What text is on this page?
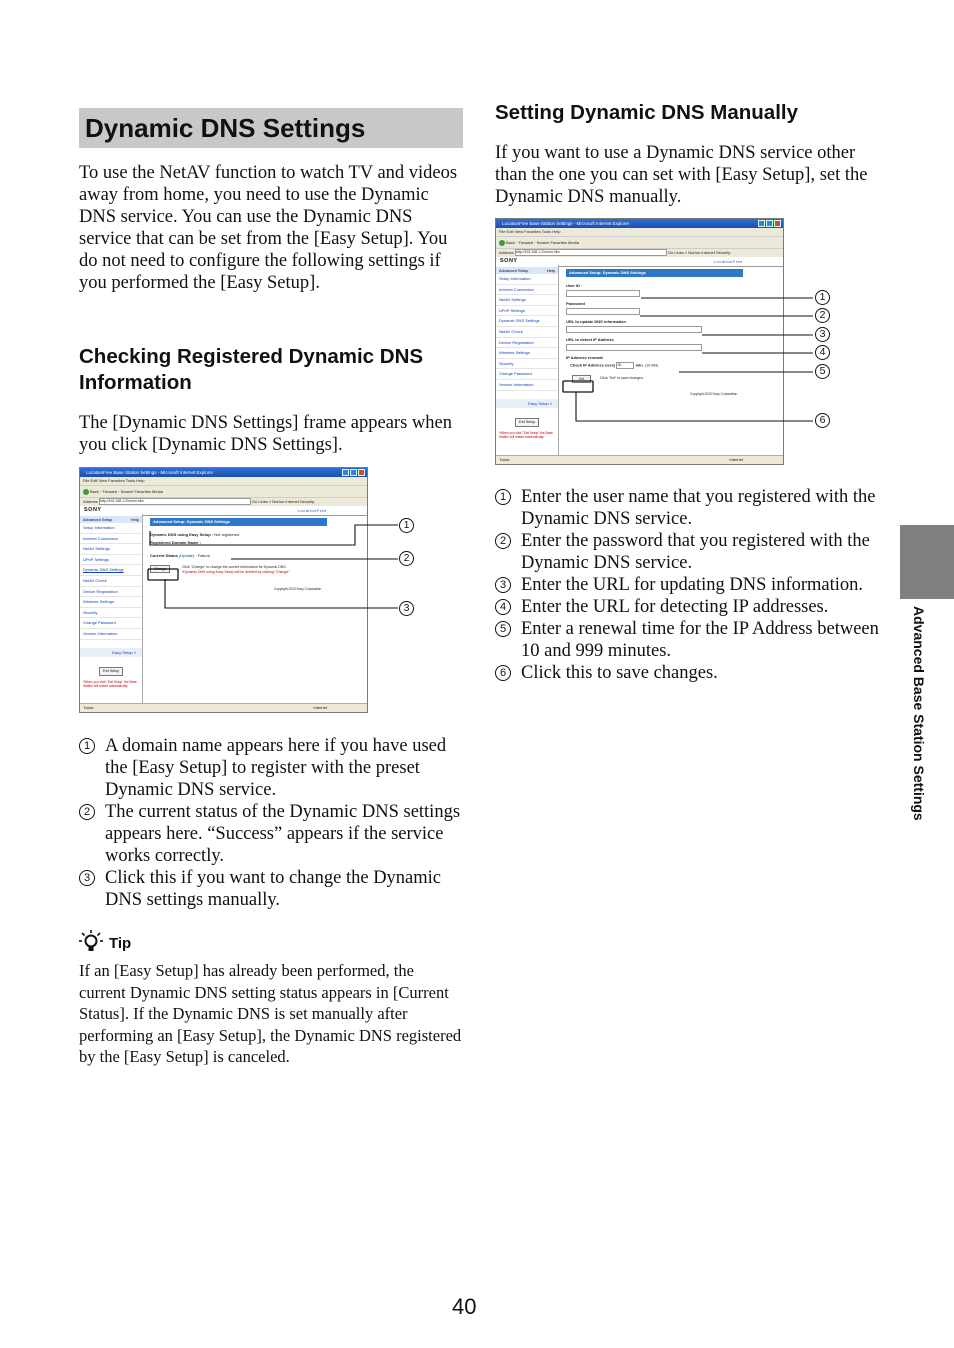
Dynamic DNS Settings

To use the NetAV function to watch TV and videos away from home, you need to use the Dynamic DNS service. You can use the Dynamic DNS service that can be set from the [Easy Setup]. You do not need to configure the following settings if you performed the [Easy Setup].

Checking Registered Dynamic DNS Information

The [Dynamic DNS Settings] frame appears when you click [Dynamic DNS Settings].

1 A domain name appears here if you have used the [Easy Setup] to register with the preset Dynamic DNS service.
2 The current status of the Dynamic DNS settings appears here. “Success” appears if the service works correctly.
3 Click this if you want to change the Dynamic DNS settings manually.
Tip

If an [Easy Setup] has already been performed, the current Dynamic DNS setting status appears in [Current Status]. If the Dynamic DNS is set manually after performing an [Easy Setup], the Dynamic DNS registered by the [Easy Setup] is canceled.

LocationFree Base Station Settings - Microsoft Internet Explorer
File Edit View Favorites Tools Help
Back · Forward · Search Favorites Media
Address http://192.168.1.2/menu.htm	Go Links » Norton Internet Security
SONY	LocationFree
Advanced Setup	Help
Setup Information
Internet Connection
NetAV Settings
UPnP Settings
Dynamic DNS Settings
NetAV Check
Device Registration
Wireless Settings
Security
Change Password
Version Information
Easy Setup »
Exit Setup
*When you click "Exit Setup" the Base Station will restart automatically.
Advanced Setup: Dynamic DNS Settings
Dynamic DNS using Easy Setup : Not registered
Registered Domain Name :
Current Status (Update) : Failure
Change	Click "Change" to change the current information for Dynamic DNS.
*Dynamic DNS using Easy Setup will be deleted by clicking "Change".
Copyright 2003 Sony Corporation
Done	Internet
1
2
3
Setting Dynamic DNS Manually

If you want to use a Dynamic DNS service other than the one you can set with [Easy Setup], set the Dynamic DNS manually.

1 Enter the user name that you registered with the Dynamic DNS service.
2 Enter the password that you registered with the Dynamic DNS service.
3 Enter the URL for updating DNS information.
4 Enter the URL for detecting IP addresses.
5 Enter a renewal time for the IP Address between 10 and 999 minutes.
6 Click this to save changes.
LocationFree Base Station Settings - Microsoft Internet Explorer
File Edit View Favorites Tools Help
Back · Forward · Search Favorites Media
Address http://192.168.1.2/menu.htm	Go Links » Norton Internet Security
SONY	LocationFree
Advanced Setup	Help
Setup Information
Internet Connection
NetAV Settings
UPnP Settings
Dynamic DNS Settings
NetAV Check
Device Registration
Wireless Settings
Security
Change Password
Version Information
Easy Setup »
Exit Setup
*When you click "Exit Setup" the Base Station will restart automatically.
Advanced Setup: Dynamic DNS Settings
User ID
Password
URL to update DNS information
URL to detect IP Address
IP Address renewal
Check IP Address every 30	min. (10-999)
Set	Click "Set" to save changes.
Copyright 2003 Sony Corporation
Done	Internet
1
2
3
4
5
6
Advanced Base Station Settings
40
